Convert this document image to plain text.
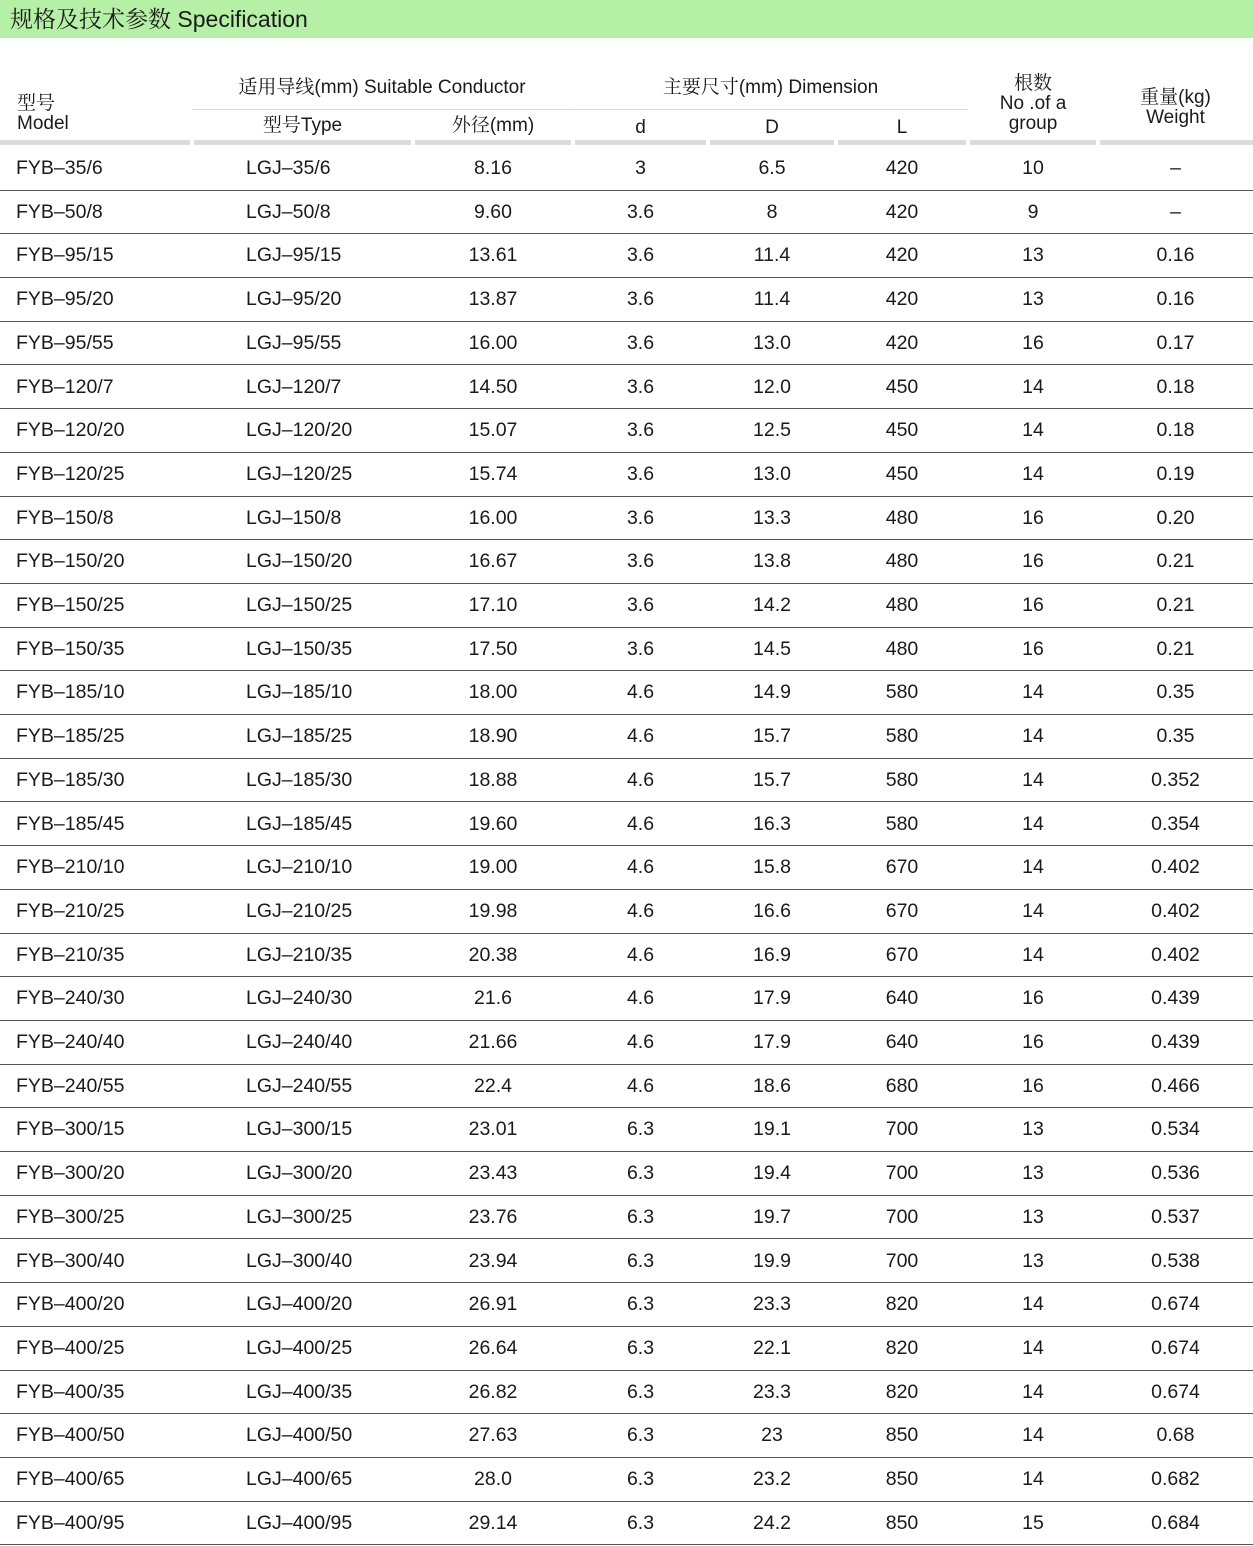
规格及技术参数 Specification
型号
Model
适用导线(mm) Suitable Conductor
型号Type	外径(mm)
主要尺寸(mm) Dimension
d	D	L
根数
No .of a
group
重量(kg)
Weight
FYB–35/6	LGJ–35/6	8.16	3	6.5	420	10	–
FYB–50/8	LGJ–50/8	9.60	3.6	8	420	9	–
FYB–95/15	LGJ–95/15	13.61	3.6	11.4	420	13	0.16
FYB–95/20	LGJ–95/20	13.87	3.6	11.4	420	13	0.16
FYB–95/55	LGJ–95/55	16.00	3.6	13.0	420	16	0.17
FYB–120/7	LGJ–120/7	14.50	3.6	12.0	450	14	0.18
FYB–120/20	LGJ–120/20	15.07	3.6	12.5	450	14	0.18
FYB–120/25	LGJ–120/25	15.74	3.6	13.0	450	14	0.19
FYB–150/8	LGJ–150/8	16.00	3.6	13.3	480	16	0.20
FYB–150/20	LGJ–150/20	16.67	3.6	13.8	480	16	0.21
FYB–150/25	LGJ–150/25	17.10	3.6	14.2	480	16	0.21
FYB–150/35	LGJ–150/35	17.50	3.6	14.5	480	16	0.21
FYB–185/10	LGJ–185/10	18.00	4.6	14.9	580	14	0.35
FYB–185/25	LGJ–185/25	18.90	4.6	15.7	580	14	0.35
FYB–185/30	LGJ–185/30	18.88	4.6	15.7	580	14	0.352
FYB–185/45	LGJ–185/45	19.60	4.6	16.3	580	14	0.354
FYB–210/10	LGJ–210/10	19.00	4.6	15.8	670	14	0.402
FYB–210/25	LGJ–210/25	19.98	4.6	16.6	670	14	0.402
FYB–210/35	LGJ–210/35	20.38	4.6	16.9	670	14	0.402
FYB–240/30	LGJ–240/30	21.6	4.6	17.9	640	16	0.439
FYB–240/40	LGJ–240/40	21.66	4.6	17.9	640	16	0.439
FYB–240/55	LGJ–240/55	22.4	4.6	18.6	680	16	0.466
FYB–300/15	LGJ–300/15	23.01	6.3	19.1	700	13	0.534
FYB–300/20	LGJ–300/20	23.43	6.3	19.4	700	13	0.536
FYB–300/25	LGJ–300/25	23.76	6.3	19.7	700	13	0.537
FYB–300/40	LGJ–300/40	23.94	6.3	19.9	700	13	0.538
FYB–400/20	LGJ–400/20	26.91	6.3	23.3	820	14	0.674
FYB–400/25	LGJ–400/25	26.64	6.3	22.1	820	14	0.674
FYB–400/35	LGJ–400/35	26.82	6.3	23.3	820	14	0.674
FYB–400/50	LGJ–400/50	27.63	6.3	23	850	14	0.68
FYB–400/65	LGJ–400/65	28.0	6.3	23.2	850	14	0.682
FYB–400/95	LGJ–400/95	29.14	6.3	24.2	850	15	0.684
